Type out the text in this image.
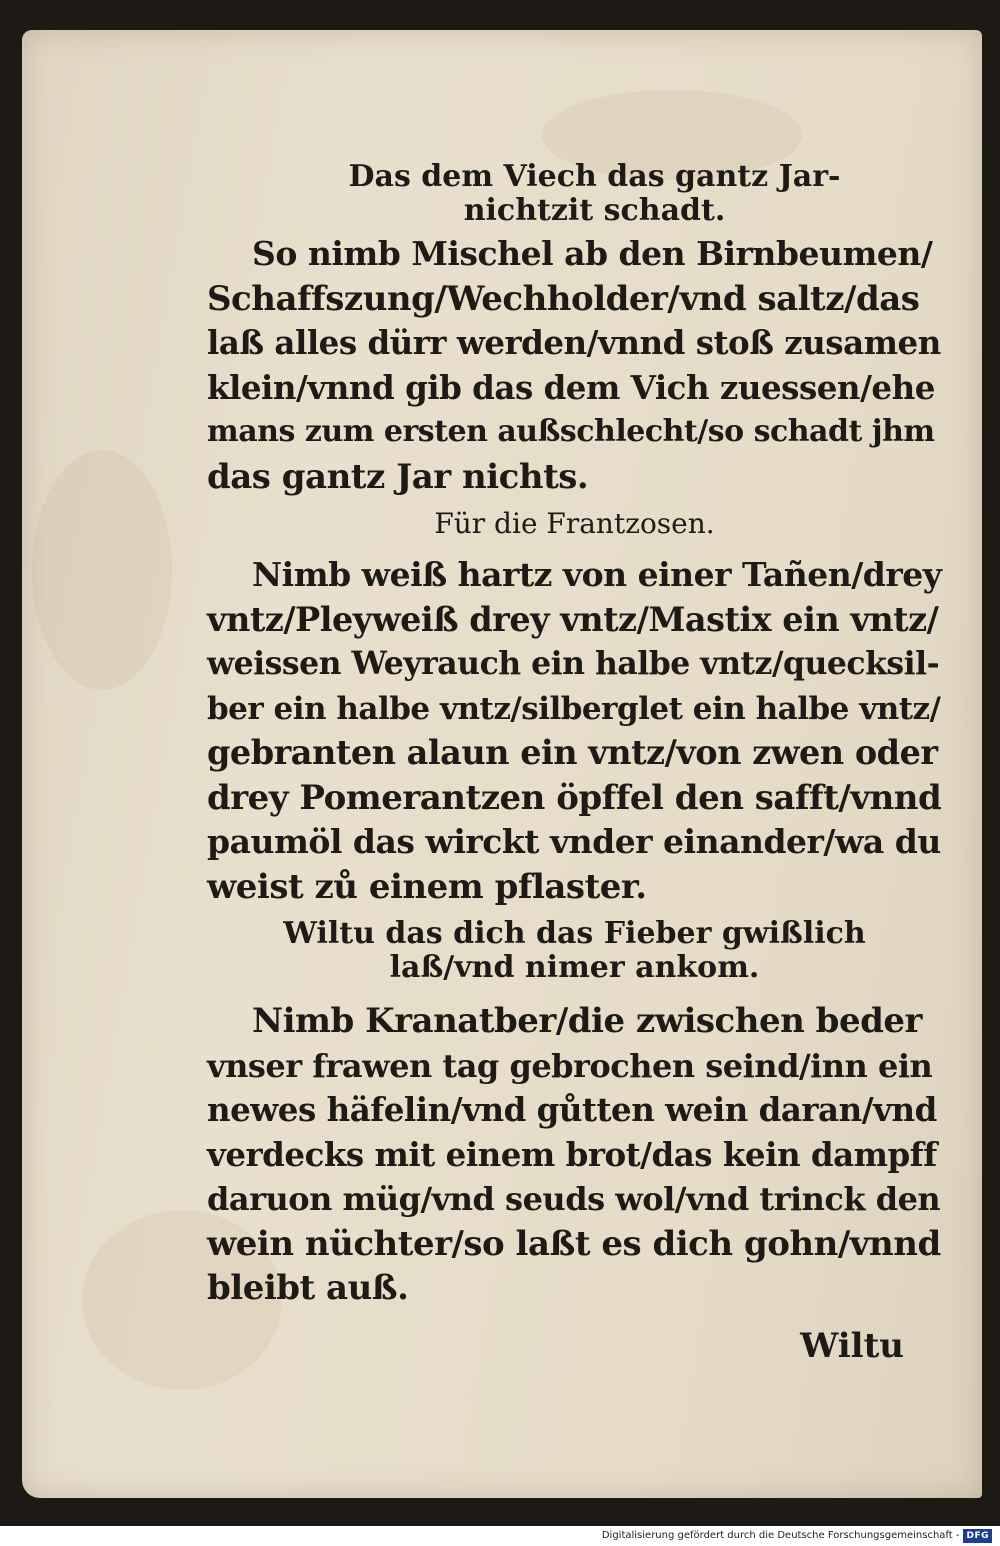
Das dem Viech das gantz Jar-
nichtzit schadt.
So nimb Mischel ab den Birnbeumen/
Schaffszung/Wechholder/vnd saltz/das
laß alles dürr werden/vnnd stoß zusamen
klein/vnnd gib das dem Vich zuessen/ehe
mans zum ersten außschlecht/so schadt jhm
das gantz Jar nichts.
Für die Frantzosen.
Nimb weiß hartz von einer Tañen/drey
vntz/Pleyweiß drey vntz/Mastix ein vntz/
weissen Weyrauch ein halbe vntz/quecksil-
ber ein halbe vntz/silberglet ein halbe vntz/
gebranten alaun ein vntz/von zwen oder
drey Pomerantzen öpffel den safft/vnnd
paumöl das wirckt vnder einander/wa du
weist zů einem pflaster.
Wiltu das dich das Fieber gwißlich
laß/vnd nimer ankom.
Nimb Kranatber/die zwischen beder
vnser frawen tag gebrochen seind/inn ein
newes häfelin/vnd gůtten wein daran/vnd
verdecks mit einem brot/das kein dampff
daruon müg/vnd seuds wol/vnd trinck den
wein nüchter/so laßt es dich gohn/vnnd
bleibt auß.
Wiltu
Digitalisierung gefördert durch die Deutsche Forschungsgemeinschaft - DFG
